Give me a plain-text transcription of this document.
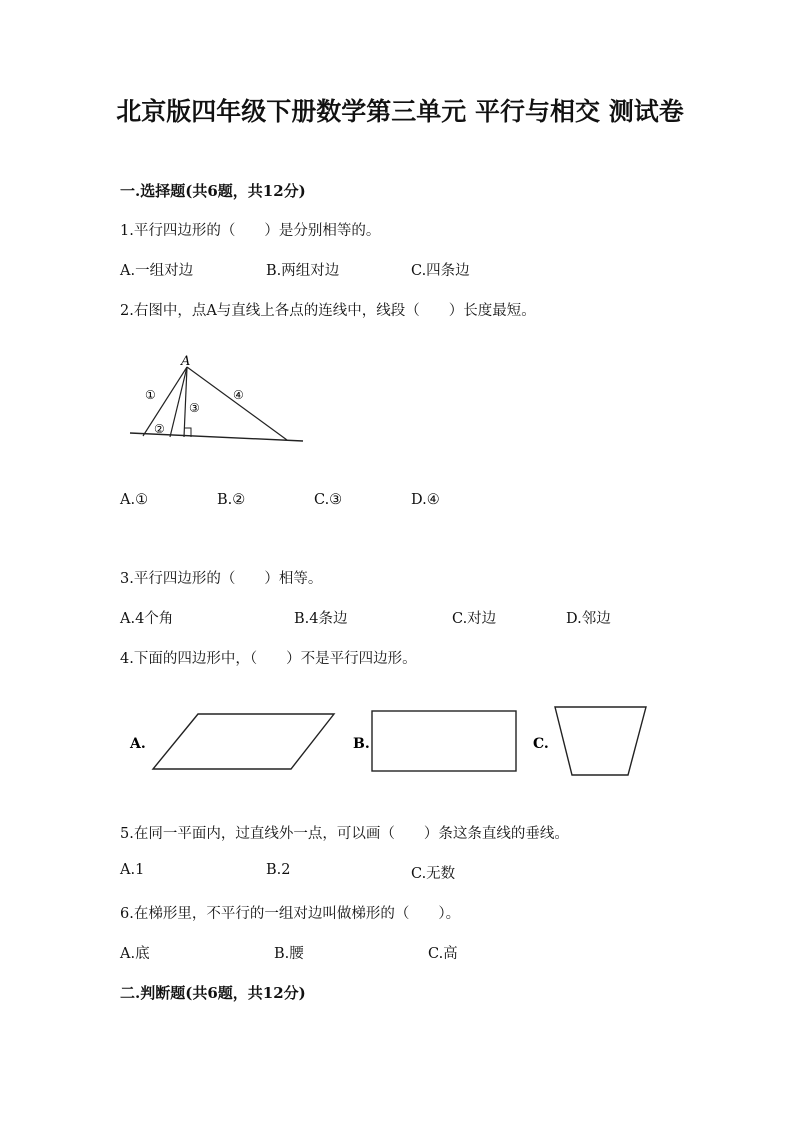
北京版四年级下册数学第三单元 平行与相交 测试卷
一.选择题(共6题，共12分)
1.平行四边形的（　　）是分别相等的。
A.一组对边	B.两组对边	C.四条边
2.右图中，点A与直线上各点的连线中，线段（　　）长度最短。
A
①
②
③
④
A.①	B.②	C.③	D.④
3.平行四边形的（　　）相等。
A.4个角	B.4条边	C.对边	D.邻边
4.下面的四边形中，（　　）不是平行四边形。
A.	B.	C.
5.在同一平面内，过直线外一点，可以画（　　）条这条直线的垂线。
A.1	B.2	C.无数
6.在梯形里，不平行的一组对边叫做梯形的（　　）。
A.底	B.腰	C.高
二.判断题(共6题，共12分)
